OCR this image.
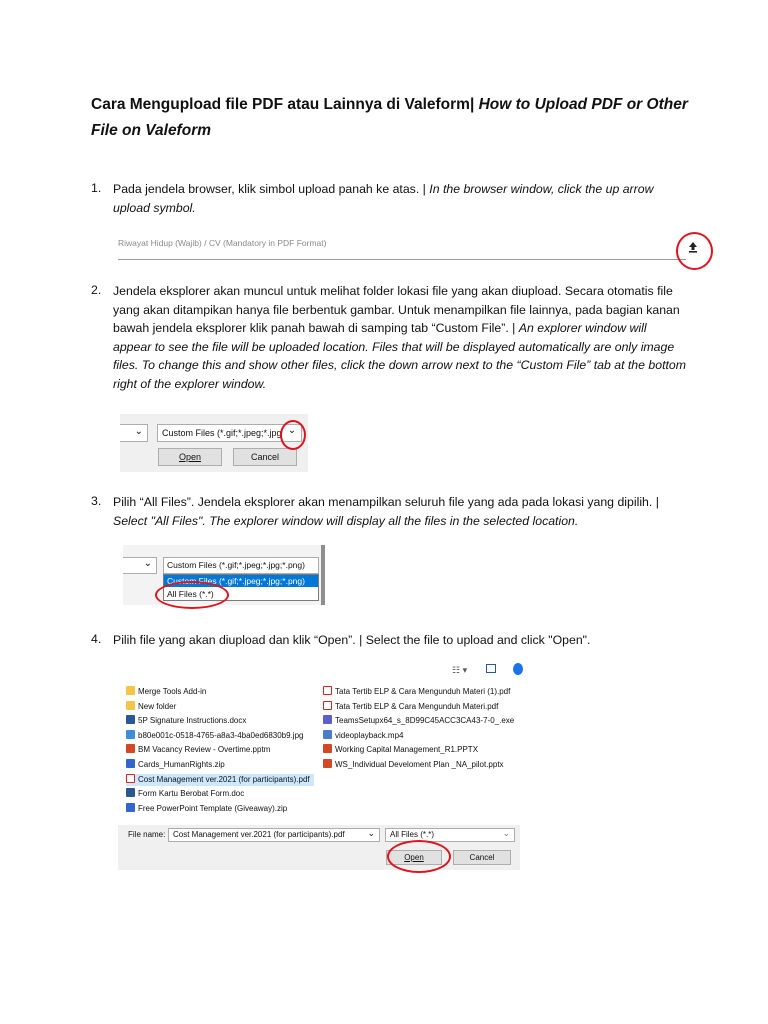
Cara Mengupload file PDF atau Lainnya di Valeform| How to Upload PDF or Other File on Valeform
1. Pada jendela browser, klik simbol upload panah ke atas. | In the browser window, click the up arrow upload symbol.
Riwayat Hidup (Wajib) / CV (Mandatory in PDF Format)
2. Jendela eksplorer akan muncul untuk melihat folder lokasi file yang akan diupload. Secara otomatis file yang akan ditampikan hanya file berbentuk gambar. Untuk menampilkan file lainnya, pada bagian kanan bawah jendela eksplorer klik panah bawah di samping tab “Custom File”. | An explorer window will appear to see the file will be uploaded location. Files that will be displayed automatically are only image files. To change this and show other files, click the down arrow next to the “Custom File” tab at the bottom right of the explorer window.
⌄	Custom Files (*.gif;*.jpeg;*.jpg ⌄
Open	Cancel
3. Pilih “All Files”. Jendela eksplorer akan menampilkan seluruh file yang ada pada lokasi yang dipilih. | Select "All Files". The explorer window will display all the files in the selected location.
⌄	Custom Files (*.gif;*.jpeg;*.jpg;*.png)
Custom Files (*.gif;*.jpeg;*.jpg;*.png)
All Files (*.*)
4. Pilih file yang akan diupload dan klik “Open”. | Select the file to upload and click "Open".
☷ ▾
Merge Tools Add-in
New folder
5P Signature Instructions.docx
b80e001c-0518-4765-a8a3-4ba0ed6830b9.jpg
BM Vacancy Review - Overtime.pptm
Cards_HumanRights.zip
Cost Management ver.2021 (for participants).pdf
Form Kartu Berobat Form.doc
Free PowerPoint Template (Giveaway).zip
Tata Tertib ELP & Cara Mengunduh Materi (1).pdf
Tata Tertib ELP & Cara Mengunduh Materi.pdf
TeamsSetupx64_s_8D99C45ACC3CA43-7-0_.exe
videoplayback.mp4
Working Capital Management_R1.PPTX
WS_Individual Develoment Plan _NA_pilot.pptx
File name: Cost Management ver.2021 (for participants).pdf	⌄	All Files (*.*)	⌄
Open	Cancel
